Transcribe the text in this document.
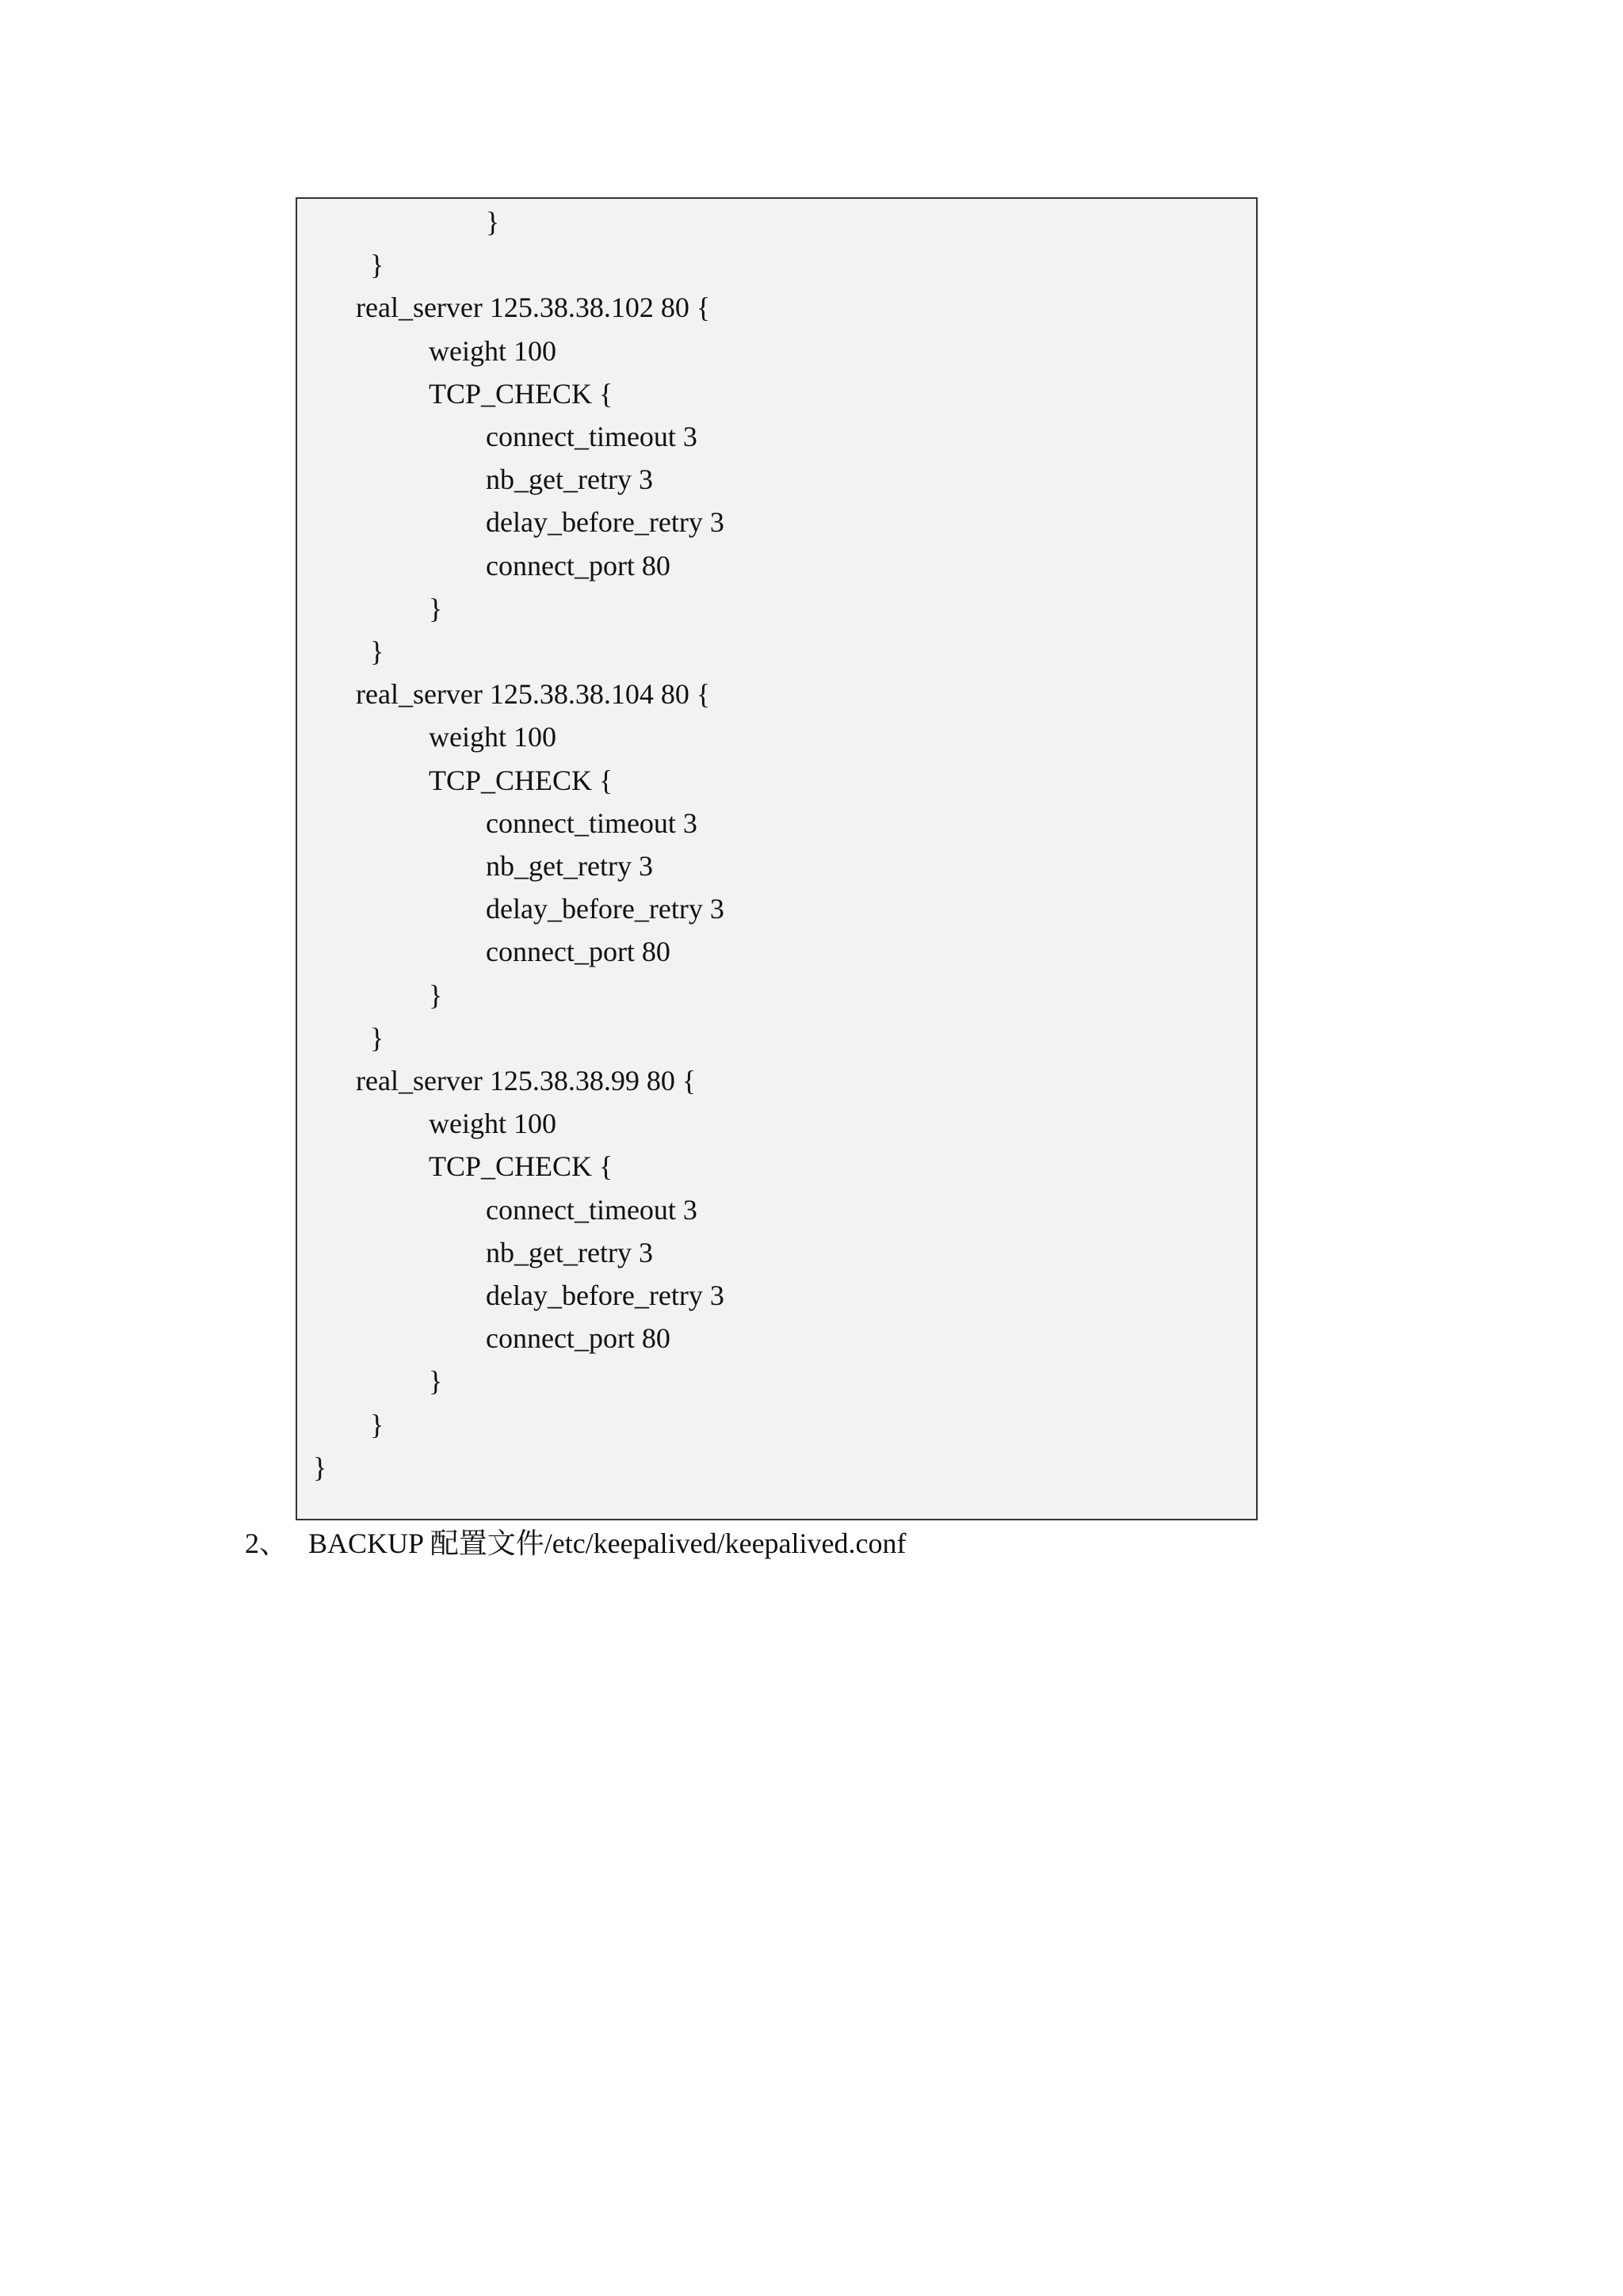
}
}
real_server 125.38.38.102 80 {
weight 100
TCP_CHECK {
connect_timeout 3
nb_get_retry 3
delay_before_retry 3
connect_port 80
}
}
real_server 125.38.38.104 80 {
weight 100
TCP_CHECK {
connect_timeout 3
nb_get_retry 3
delay_before_retry 3
connect_port 80
}
}
real_server 125.38.38.99 80 {
weight 100
TCP_CHECK {
connect_timeout 3
nb_get_retry 3
delay_before_retry 3
connect_port 80
}
}
}
2、 BACKUP 配置文件/etc/keepalived/keepalived.conf
